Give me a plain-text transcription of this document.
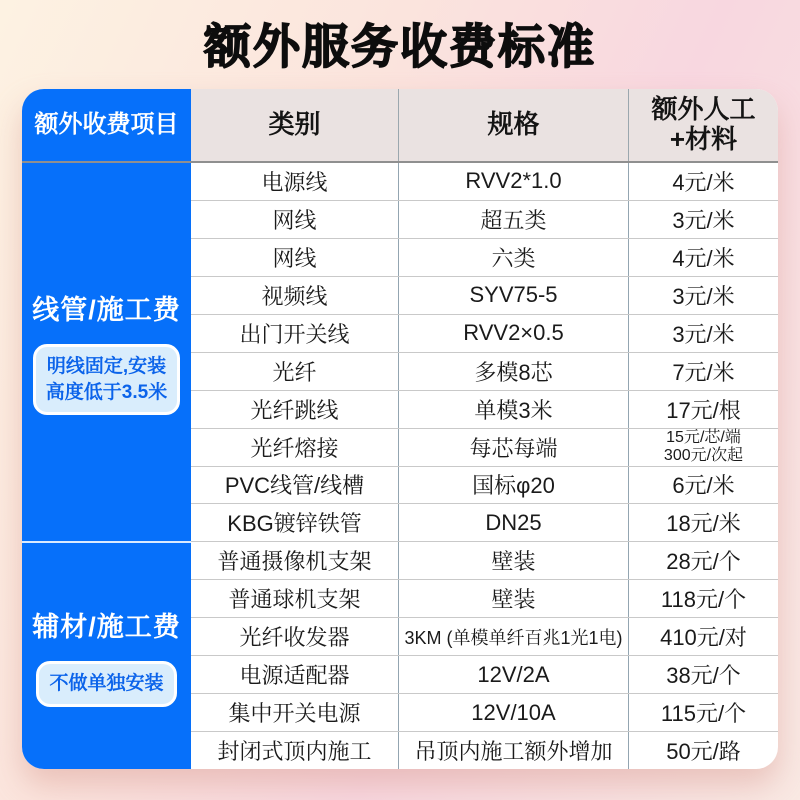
额外服务收费标准
额外收费项目	类别	规格	额外人工
+材料
线管/施工费
明线固定,安装
高度低于3.5米
辅材/施工费
不做单独安装
电源线	RVV2*1.0	4元/米
网线	超五类	3元/米
网线	六类	4元/米
视频线	SYV75-5	3元/米
出门开关线	RVV2×0.5	3元/米
光纤	多模8芯	7元/米
光纤跳线	单模3米	17元/根
光纤熔接	每芯每端	15元/芯/端
300元/次起
PVC线管/线槽	国标φ20	6元/米
KBG镀锌铁管	DN25	18元/米
普通摄像机支架	壁装	28元/个
普通球机支架	壁装	118元/个
光纤收发器	3KM (单模单纤百兆1光1电)	410元/对
电源适配器	12V/2A	38元/个
集中开关电源	12V/10A	115元/个
封闭式顶内施工	吊顶内施工额外增加	50元/路
